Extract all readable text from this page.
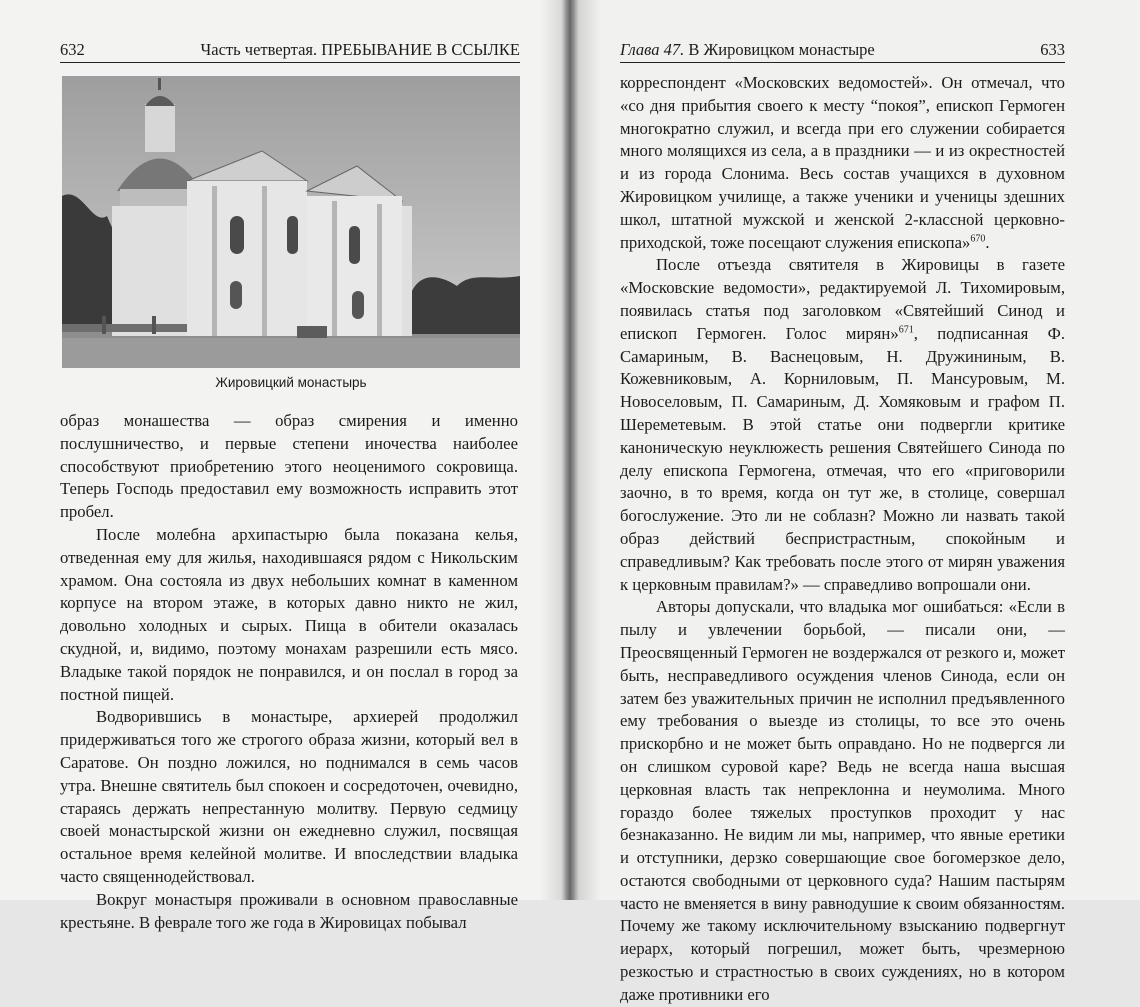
632	Часть четвертая. ПРЕБЫВАНИЕ В ССЫЛКЕ
Жировицкий монастырь

образ монашества — образ смирения и именно послушничество, и первые степени иночества наиболее способствуют приобретению этого неоценимого сокровища. Теперь Господь предоставил ему возможность исправить этот пробел.

После молебна архипастырю была показана келья, отведенная ему для жилья, находившаяся рядом с Никольским храмом. Она состояла из двух небольших комнат в каменном корпусе на втором этаже, в которых давно никто не жил, довольно холодных и сырых. Пища в обители оказалась скудной, и, видимо, поэтому монахам разрешили есть мясо. Владыке такой порядок не понравился, и он послал в город за постной пищей.

Водворившись в монастыре, архиерей продолжил придерживаться того же строгого образа жизни, который вел в Саратове. Он поздно ложился, но поднимался в семь часов утра. Внешне святитель был спокоен и сосредоточен, очевидно, стараясь держать непрестанную молитву. Первую седмицу своей монастырской жизни он ежедневно служил, посвящая остальное время келейной молитве. И впоследствии владыка часто священнодействовал.

Вокруг монастыря проживали в основном православные крестьяне. В феврале того же года в Жировицах побывал

Глава 47. В Жировицком монастыре	633

корреспондент «Московских ведомостей». Он отмечал, что «со дня прибытия своего к месту “покоя”, епископ Гермоген многократно служил, и всегда при его служении собирается много молящихся из села, а в праздники — и из окрестностей и из города Слонима. Весь состав учащихся в духовном Жировицком училище, а также ученики и ученицы здешних школ, штатной мужской и женской 2-классной церковно-приходской, тоже посещают служения епископа»$^{670}$.

После отъезда святителя в Жировицы в газете «Московские ведомости», редактируемой Л. Тихомировым, появилась статья под заголовком «Святейший Синод и епископ Гермоген. Голос мирян»$^{671}$, подписанная Ф. Самариным, В. Васнецовым, Н. Дружининым, В. Кожевниковым, А. Корниловым, П. Мансуровым, М. Новоселовым, П. Самариным, Д. Хомяковым и графом П. Шереметевым. В этой статье они подвергли критике каноническую неуклюжесть решения Святейшего Синода по делу епископа Гермогена, отмечая, что его «приговорили заочно, в то время, когда он тут же, в столице, совершал богослужение. Это ли не соблазн? Можно ли назвать такой образ действий беспристрастным, спокойным и справедливым? Как требовать после этого от мирян уважения к церковным правилам?» — справедливо вопрошали они.

Авторы допускали, что владыка мог ошибаться: «Если в пылу и увлечении борьбой, — писали они, — Преосвященный Гермоген не воздержался от резкого и, может быть, несправедливого осуждения членов Синода, если он затем без уважительных причин не исполнил предъявленного ему требования о выезде из столицы, то все это очень прискорбно и не может быть оправдано. Но не подвергся ли он слишком суровой каре? Ведь не всегда наша высшая церковная власть так непреклонна и неумолима. Много гораздо более тяжелых проступков проходит у нас безнаказанно. Не видим ли мы, например, что явные еретики и отступники, дерзко совершающие свое богомерзкое дело, остаются свободными от церковного суда? Нашим пастырям часто не вменяется в вину равнодушие к своим обязанностям. Почему же такому исключительному взысканию подвергнут иерарх, который погрешил, может быть, чрезмерною резкостью и страстностью в своих суждениях, но в котором даже противники его
